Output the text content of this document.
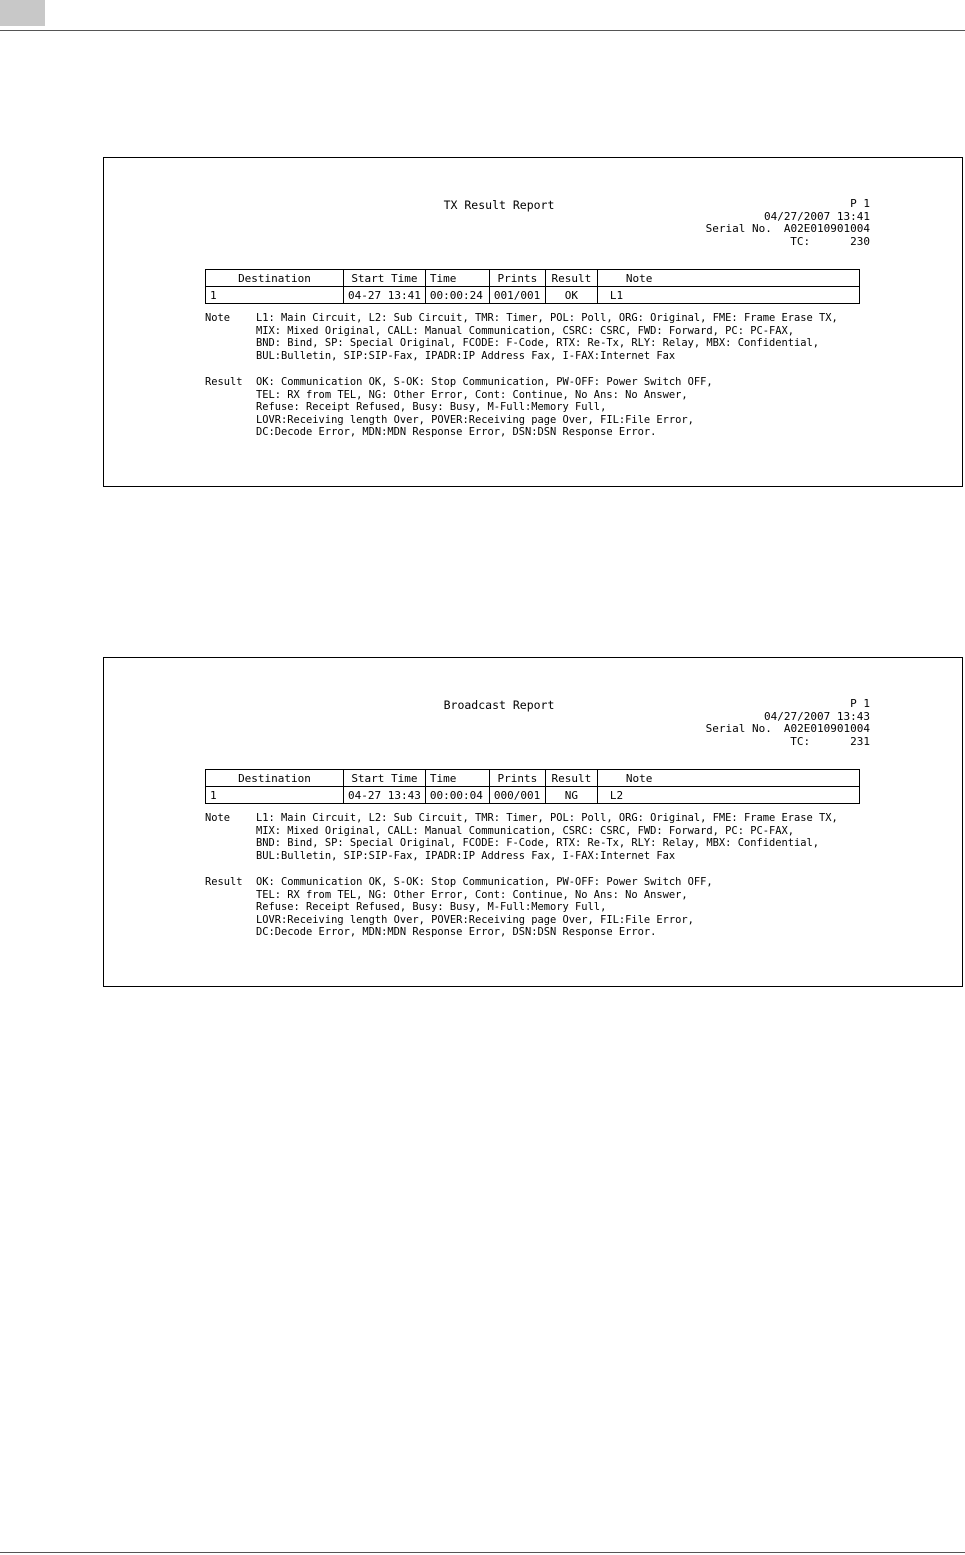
TX Result Report	P 1
04/27/2007 13:41
Serial No. A02E010901004
TC:	230
Destination	Start Time	Time	Prints	Result	Note
1	04-27 13:41	00:00:24	001/001	OK	L1
Note	L1: Main Circuit, L2: Sub Circuit, TMR: Timer, POL: Poll, ORG: Original, FME: Frame Erase TX,
MIX: Mixed Original, CALL: Manual Communication, CSRC: CSRC, FWD: Forward, PC: PC-FAX,
BND: Bind, SP: Special Original, FCODE: F-Code, RTX: Re-Tx, RLY: Relay, MBX: Confidential,
BUL:Bulletin, SIP:SIP-Fax, IPADR:IP Address Fax, I-FAX:Internet Fax
Result	OK: Communication OK, S-OK: Stop Communication, PW-OFF: Power Switch OFF,
TEL: RX from TEL, NG: Other Error, Cont: Continue, No Ans: No Answer,
Refuse: Receipt Refused, Busy: Busy, M-Full:Memory Full,
LOVR:Receiving length Over, POVER:Receiving page Over, FIL:File Error,
DC:Decode Error, MDN:MDN Response Error, DSN:DSN Response Error.
Broadcast Report	P 1
04/27/2007 13:43
Serial No. A02E010901004
TC:	231
Destination	Start Time	Time	Prints	Result	Note
1	04-27 13:43	00:00:04	000/001	NG	L2
Note	L1: Main Circuit, L2: Sub Circuit, TMR: Timer, POL: Poll, ORG: Original, FME: Frame Erase TX,
MIX: Mixed Original, CALL: Manual Communication, CSRC: CSRC, FWD: Forward, PC: PC-FAX,
BND: Bind, SP: Special Original, FCODE: F-Code, RTX: Re-Tx, RLY: Relay, MBX: Confidential,
BUL:Bulletin, SIP:SIP-Fax, IPADR:IP Address Fax, I-FAX:Internet Fax
Result	OK: Communication OK, S-OK: Stop Communication, PW-OFF: Power Switch OFF,
TEL: RX from TEL, NG: Other Error, Cont: Continue, No Ans: No Answer,
Refuse: Receipt Refused, Busy: Busy, M-Full:Memory Full,
LOVR:Receiving length Over, POVER:Receiving page Over, FIL:File Error,
DC:Decode Error, MDN:MDN Response Error, DSN:DSN Response Error.
